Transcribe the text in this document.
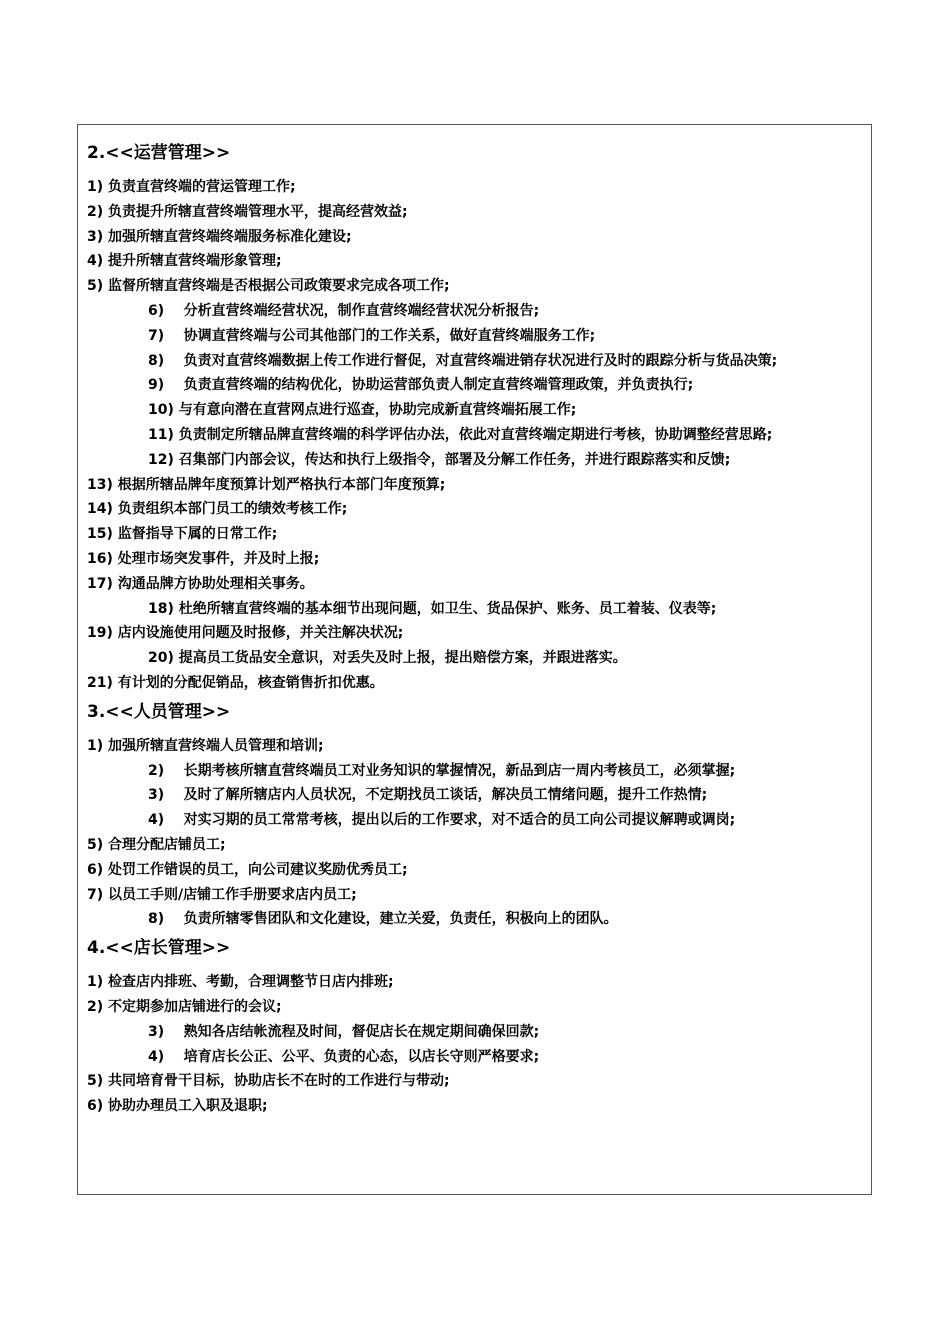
2.<<运营管理>>
1) 负责直营终端的营运管理工作;
2) 负责提升所辖直营终端管理水平，提高经营效益;
3) 加强所辖直营终端终端服务标准化建设;
4) 提升所辖直营终端形象管理;
5) 监督所辖直营终端是否根据公司政策要求完成各项工作;
6) 分析直营终端经营状况，制作直营终端经营状况分析报告;
7) 协调直营终端与公司其他部门的工作关系，做好直营终端服务工作;
8) 负责对直营终端数据上传工作进行督促，对直营终端进销存状况进行及时的跟踪分析与货品决策;
9) 负责直营终端的结构优化，协助运营部负责人制定直营终端管理政策，并负责执行;
10) 与有意向潜在直营网点进行巡查，协助完成新直营终端拓展工作;
11) 负责制定所辖品牌直营终端的科学评估办法，依此对直营终端定期进行考核，协助调整经营思路;
12) 召集部门内部会议，传达和执行上级指令，部署及分解工作任务，并进行跟踪落实和反馈;
13) 根据所辖品牌年度预算计划严格执行本部门年度预算;
14) 负责组织本部门员工的绩效考核工作;
15) 监督指导下属的日常工作;
16) 处理市场突发事件，并及时上报;
17) 沟通品牌方协助处理相关事务。
18) 杜绝所辖直营终端的基本细节出现问题，如卫生、货品保护、账务、员工着装、仪表等;
19) 店内设施使用问题及时报修，并关注解决状况;
20) 提高员工货品安全意识，对丢失及时上报，提出赔偿方案，并跟进落实。
21) 有计划的分配促销品，核查销售折扣优惠。
3.<<人员管理>>
1) 加强所辖直营终端人员管理和培训;
2) 长期考核所辖直营终端员工对业务知识的掌握情况，新品到店一周内考核员工，必须掌握;
3) 及时了解所辖店内人员状况，不定期找员工谈话，解决员工情绪问题，提升工作热情;
4) 对实习期的员工常常考核，提出以后的工作要求，对不适合的员工向公司提议解聘或调岗;
5) 合理分配店铺员工;
6) 处罚工作错误的员工，向公司建议奖励优秀员工;
7) 以员工手则/店铺工作手册要求店内员工;
8) 负责所辖零售团队和文化建设，建立关爱，负责任，积极向上的团队。
4.<<店长管理>>
1) 检查店内排班、考勤，合理调整节日店内排班;
2) 不定期参加店铺进行的会议;
3) 熟知各店结帐流程及时间，督促店长在规定期间确保回款;
4) 培育店长公正、公平、负责的心态，以店长守则严格要求;
5) 共同培育骨干目标，协助店长不在时的工作进行与带动;
6) 协助办理员工入职及退职;
